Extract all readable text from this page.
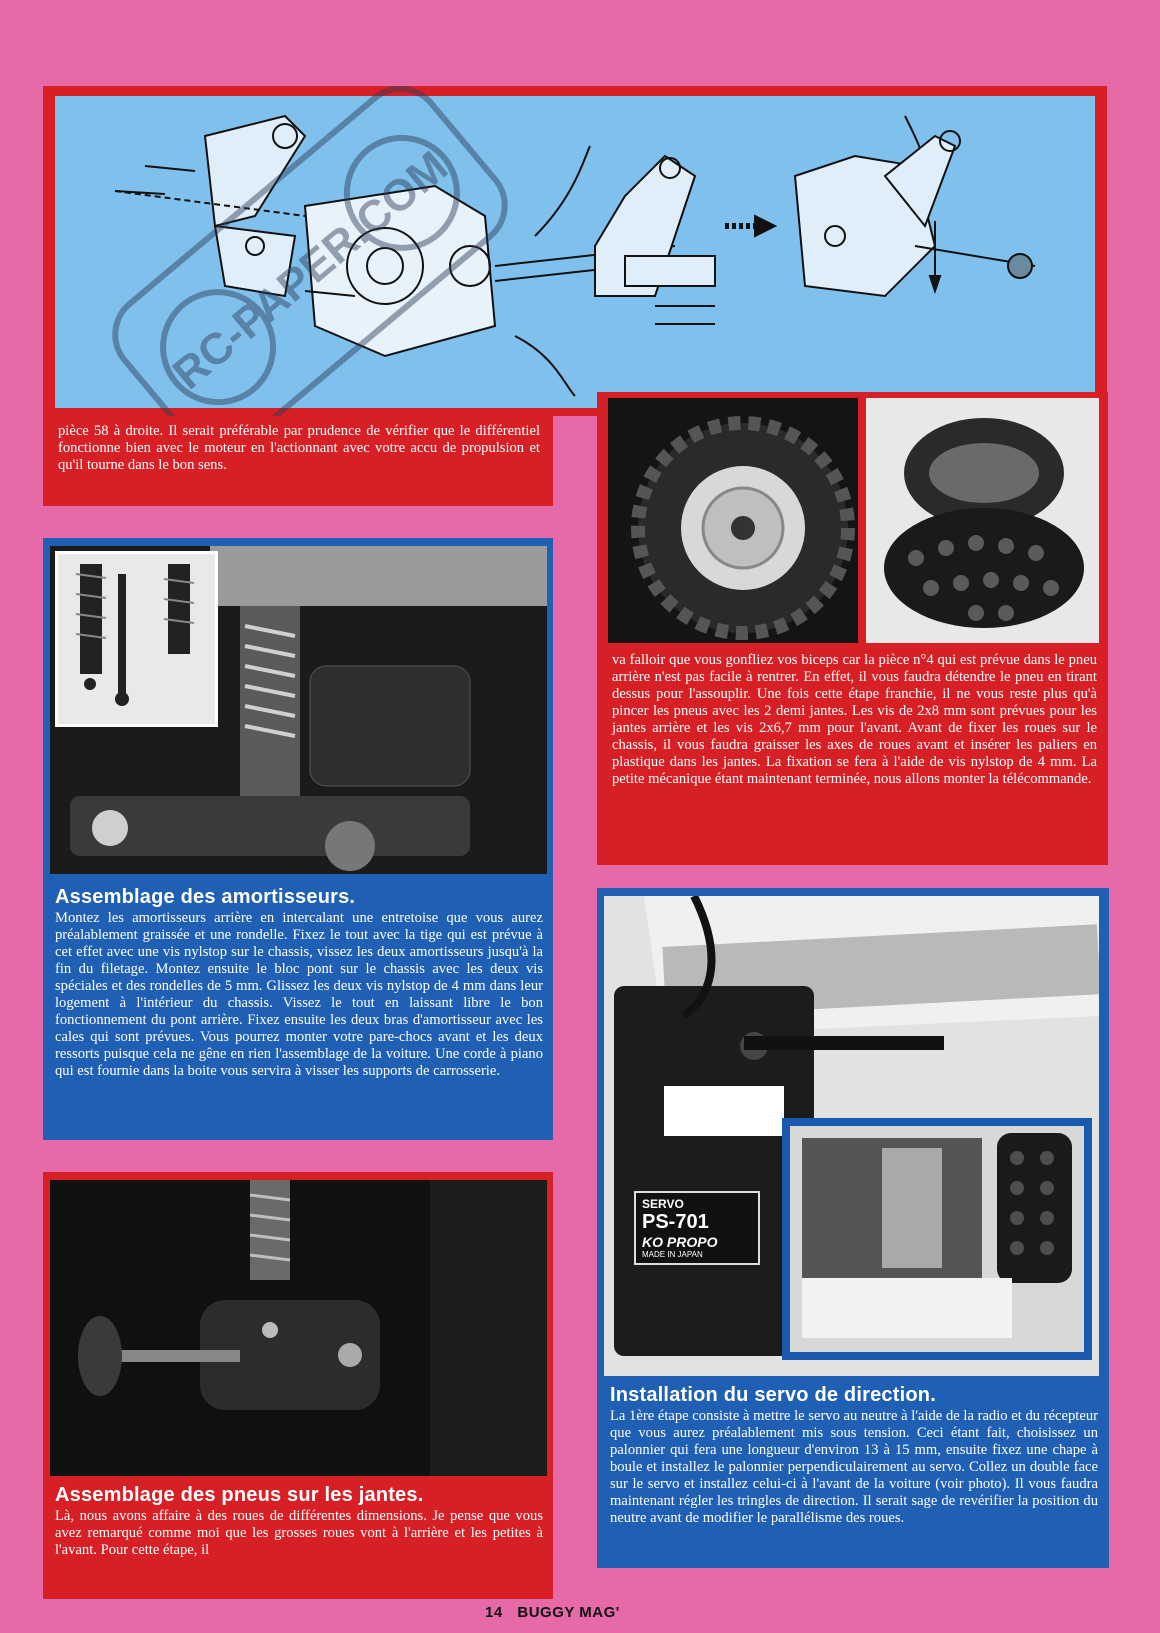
RC-PAPER.COM

pièce 58 à droite. Il serait préférable par prudence de vérifier que le différentiel fonctionne bien avec le moteur en l'actionnant avec votre accu de propulsion et qu'il tourne dans le bon sens.

va falloir que vous gonfliez vos biceps car la pièce n°4 qui est prévue dans le pneu arrière n'est pas facile à rentrer. En effet, il vous faudra détendre le pneu en tirant dessus pour l'assouplir. Une fois cette étape franchie, il ne vous reste plus qu'à pincer les pneus avec les 2 demi jantes. Les vis de 2x8 mm sont prévues pour les jantes arrière et les vis 2x6,7 mm pour l'avant. Avant de fixer les roues sur le chassis, il vous faudra graisser les axes de roues avant et insérer les paliers en plastique dans les jantes. La fixation se fera à l'aide de vis nylstop de 4 mm. La petite mécanique étant maintenant terminée, nous allons monter la télécommande.

Assemblage des amortisseurs.

Montez les amortisseurs arrière en intercalant une entretoise que vous aurez préalablement graissée et une rondelle. Fixez le tout avec la tige qui est prévue à cet effet avec une vis nylstop sur le chassis, vissez les deux amortisseurs jusqu'à la fin du filetage. Montez ensuite le bloc pont sur le chassis avec les deux vis spéciales et des rondelles de 5 mm. Glissez les deux vis nylstop de 4 mm dans leur logement à l'intérieur du chassis. Vissez le tout en laissant libre le bon fonctionnement du pont arrière. Fixez ensuite les deux bras d'amortisseur avec les cales qui sont prévues. Vous pourrez monter votre pare-chocs avant et les deux ressorts puisque cela ne gêne en rien l'assemblage de la voiture. Une corde à piano qui est fournie dans la boite vous servira à visser les supports de carrosserie.

Assemblage des pneus sur les jantes.

Là, nous avons affaire à des roues de différentes dimensions. Je pense que vous avez remarqué comme moi que les grosses roues vont à l'arrière et les petites à l'avant. Pour cette étape, il

SERVO
PS-701
KO PROPO
MADE IN JAPAN
Installation du servo de direction.

La 1ère étape consiste à mettre le servo au neutre à l'aide de la radio et du récepteur que vous aurez préalablement mis sous tension. Ceci étant fait, choisissez un palonnier qui fera une longueur d'environ 13 à 15 mm, ensuite fixez une chape à boule et installez le palonnier perpendiculairement au servo. Collez un double face sur le servo et installez celui-ci à l'avant de la voiture (voir photo). Il vous faudra maintenant régler les tringles de direction. Il serait sage de revérifier la position du neutre avant de modifier le parallélisme des roues.

14 BUGGY MAG'
